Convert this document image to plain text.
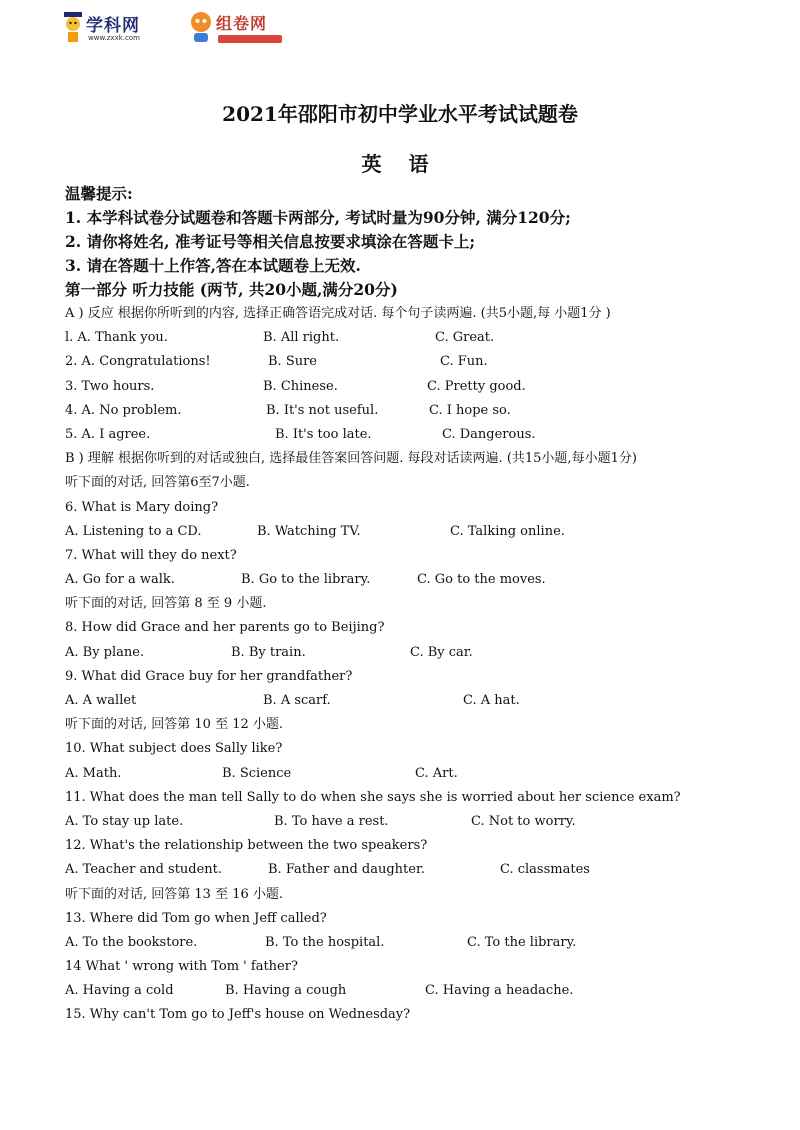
学科网
www.zxxk.com
组卷网
2021年邵阳市初中学业水平考试试题卷
英 语

温馨提示:

1. 本学科试卷分试题卷和答题卡两部分, 考试时量为90分钟, 满分120分;

2. 请你将姓名, 准考证号等相关信息按要求填涂在答题卡上;

3. 请在答题十上作答,答在本试题卷上无效.

第一部分 听力技能 (两节, 共20小题,满分20分)

A ) 反应 根据你所听到的内容, 选择正确答语完成对话. 每个句子读两遍. (共5小题,每 小题1分 )
l. A. Thank you.	B. All right.	C. Great.
2. A. Congratulations!	B. Sure	C. Fun.
3. Two hours.	B. Chinese.	C. Pretty good.
4. A. No problem.	B. It's not useful.	C. I hope so.
5. A. I agree.	B. It's too late.	C. Dangerous.
B ) 理解 根据你听到的对话或独白, 选择最佳答案回答问题. 每段对话读两遍. (共15小题,每小题1分)
听下面的对话, 回答第6至7小题.
6. What is Mary doing?
A. Listening to a CD.	B. Watching TV.	C. Talking online.
7. What will they do next?
A. Go for a walk.	B. Go to the library.	C. Go to the moves.
听下面的对话, 回答第 8 至 9 小题.
8. How did Grace and her parents go to Beijing?
A. By plane.	B. By train.	C. By car.
9. What did Grace buy for her grandfather?
A. A wallet	B. A scarf.	C. A hat.
听下面的对话, 回答第 10 至 12 小题.
10. What subject does Sally like?
A. Math.	B. Science	C. Art.
11. What does the man tell Sally to do when she says she is worried about her science exam?
A. To stay up late.	B. To have a rest.	C. Not to worry.
12. What's the relationship between the two speakers?
A. Teacher and student.	B. Father and daughter.	C. classmates
听下面的对话, 回答第 13 至 16 小题.
13. Where did Tom go when Jeff called?
A. To the bookstore.	B. To the hospital.	C. To the library.
14 What ' wrong with Tom ' father?
A. Having a cold	B. Having a cough	C. Having a headache.
15. Why can't Tom go to Jeff's house on Wednesday?
